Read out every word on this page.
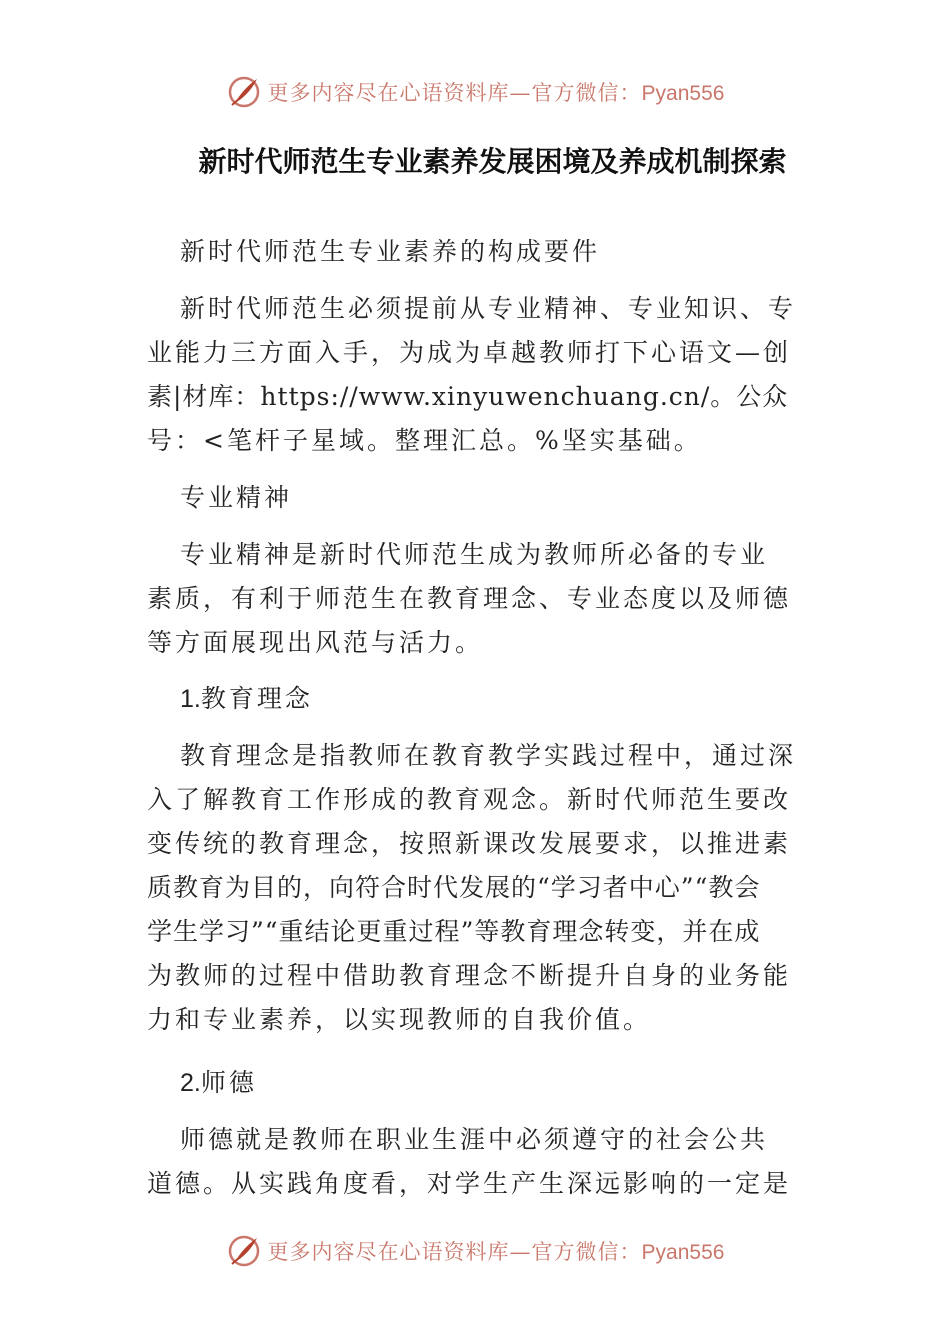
更多内容尽在心语资料库—官方微信：Pyan556
新时代师范生专业素养发展困境及养成机制探索
新时代师范生专业素养的构成要件
新时代师范生必须提前从专业精神、专业知识、专
业能力三方面入手，为成为卓越教师打下心语文—创
素|材库：https://www.xinyuwenchuang.cn/。公众
号：<笔杆子星域。整理汇总。%坚实基础。
专业精神
专业精神是新时代师范生成为教师所必备的专业
素质，有利于师范生在教育理念、专业态度以及师德
等方面展现出风范与活力。
1.教育理念
教育理念是指教师在教育教学实践过程中，通过深
入了解教育工作形成的教育观念。新时代师范生要改
变传统的教育理念，按照新课改发展要求，以推进素
质教育为目的，向符合时代发展的“学习者中心”“教会
学生学习”“重结论更重过程”等教育理念转变，并在成
为教师的过程中借助教育理念不断提升自身的业务能
力和专业素养，以实现教师的自我价值。
2.师德
师德就是教师在职业生涯中必须遵守的社会公共
道德。从实践角度看，对学生产生深远影响的一定是
更多内容尽在心语资料库—官方微信：Pyan556
